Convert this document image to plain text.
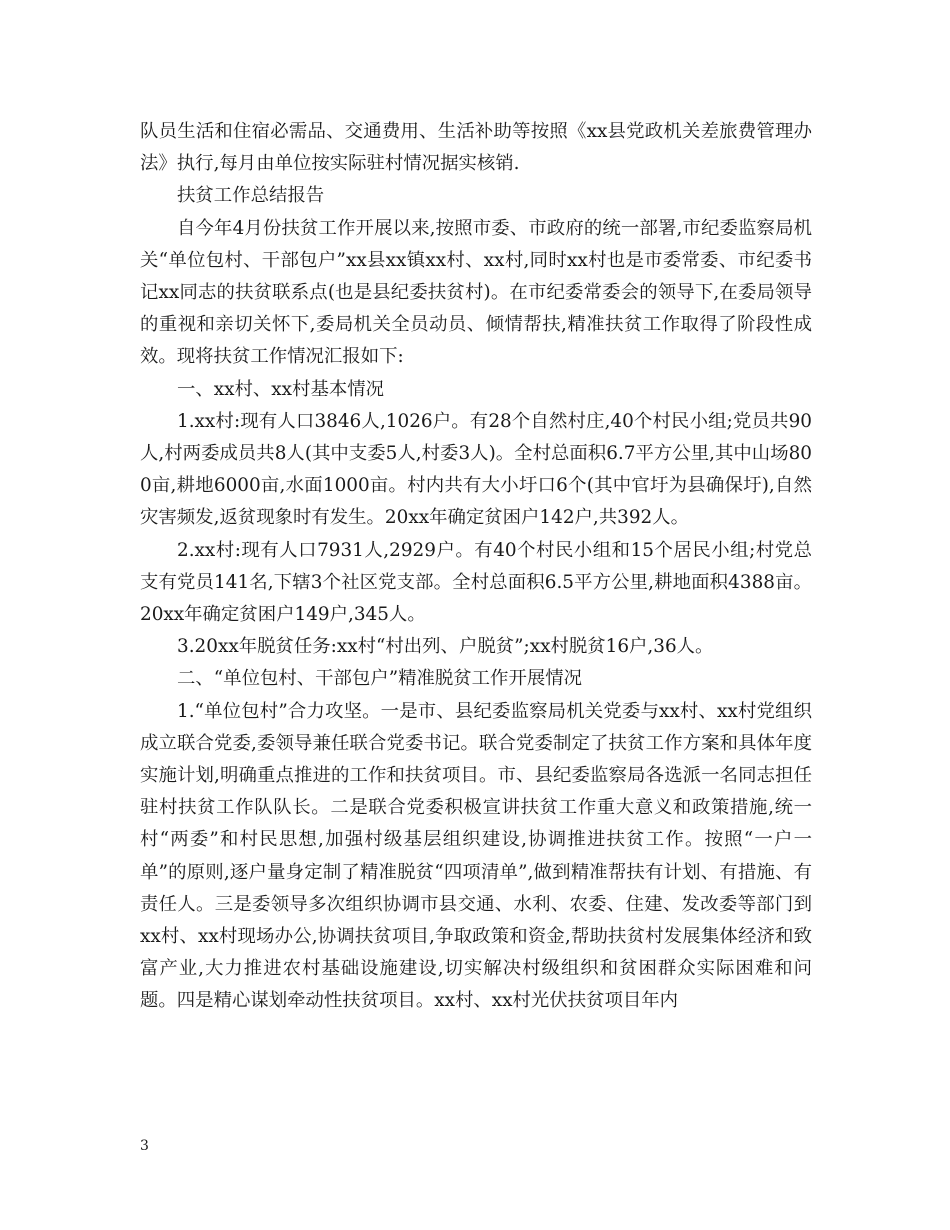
队员生活和住宿必需品、交通费用、生活补助等按照《xx县党政机关差旅费管理办法》执行,每月由单位按实际驻村情况据实核销.

扶贫工作总结报告

自今年4月份扶贫工作开展以来,按照市委、市政府的统一部署,市纪委监察局机关“单位包村、干部包户”xx县xx镇xx村、xx村,同时xx村也是市委常委、市纪委书记xx同志的扶贫联系点(也是县纪委扶贫村)。在市纪委常委会的领导下,在委局领导的重视和亲切关怀下,委局机关全员动员、倾情帮扶,精准扶贫工作取得了阶段性成效。现将扶贫工作情况汇报如下:

一、xx村、xx村基本情况

1.xx村:现有人口3846人,1026户。有28个自然村庄,40个村民小组;党员共90人,村两委成员共8人(其中支委5人,村委3人)。全村总面积6.7平方公里,其中山场800亩,耕地6000亩,水面1000亩。村内共有大小圩口6个(其中官圩为县确保圩),自然灾害频发,返贫现象时有发生。20xx年确定贫困户142户,共392人。

2.xx村:现有人口7931人,2929户。有40个村民小组和15个居民小组;村党总支有党员141名,下辖3个社区党支部。全村总面积6.5平方公里,耕地面积4388亩。20xx年确定贫困户149户,345人。

3.20xx年脱贫任务:xx村“村出列、户脱贫”;xx村脱贫16户,36人。

二、“单位包村、干部包户”精准脱贫工作开展情况

1.“单位包村”合力攻坚。一是市、县纪委监察局机关党委与xx村、xx村党组织成立联合党委,委领导兼任联合党委书记。联合党委制定了扶贫工作方案和具体年度实施计划,明确重点推进的工作和扶贫项目。市、县纪委监察局各选派一名同志担任驻村扶贫工作队队长。二是联合党委积极宣讲扶贫工作重大意义和政策措施,统一村“两委”和村民思想,加强村级基层组织建设,协调推进扶贫工作。按照“一户一单”的原则,逐户量身定制了精准脱贫“四项清单”,做到精准帮扶有计划、有措施、有责任人。三是委领导多次组织协调市县交通、水利、农委、住建、发改委等部门到xx村、xx村现场办公,协调扶贫项目,争取政策和资金,帮助扶贫村发展集体经济和致富产业,大力推进农村基础设施建设,切实解决村级组织和贫困群众实际困难和问题。四是精心谋划牵动性扶贫项目。xx村、xx村光伏扶贫项目年内

3
